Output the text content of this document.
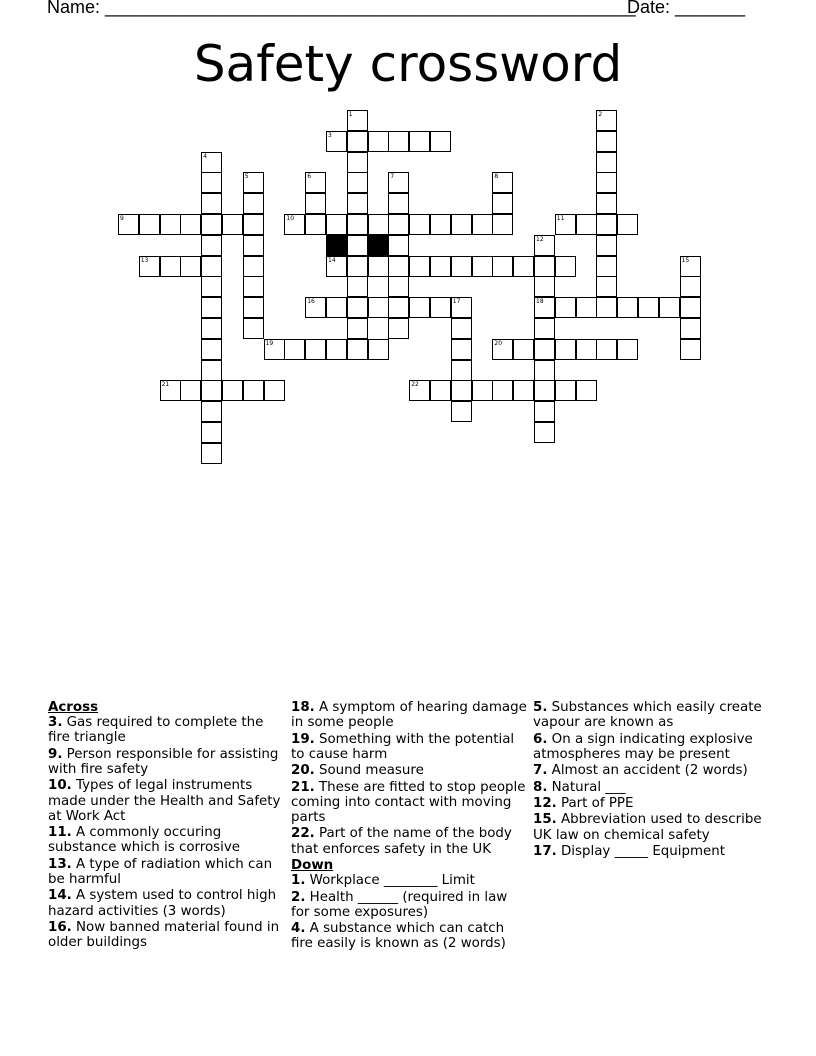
Name: _____________________________________________________
Date: _______
Safety crossword
1	2
3
4
5	6	7	8
9	10	11
12
13	14	15
16	17	18
19	20
21	22
Across
3. Gas required to complete the fire triangle
9. Person responsible for assisting with fire safety
10. Types of legal instruments made under the Health and Safety at Work Act
11. A commonly occuring substance which is corrosive
13. A type of radiation which can be harmful
14. A system used to control high hazard activities (3 words)
16. Now banned material found in older buildings
18. A symptom of hearing damage in some people
19. Something with the potential to cause harm
20. Sound measure
21. These are fitted to stop people coming into contact with moving parts
22. Part of the name of the body that enforces safety in the UK
Down
1. Workplace ________ Limit
2. Health ______ (required in law for some exposures)
4. A substance which can catch fire easily is known as (2 words)
5. Substances which easily create vapour are known as
6. On a sign indicating explosive atmospheres may be present
7. Almost an accident (2 words)
8. Natural ___
12. Part of PPE
15. Abbreviation used to describe UK law on chemical safety
17. Display _____ Equipment
